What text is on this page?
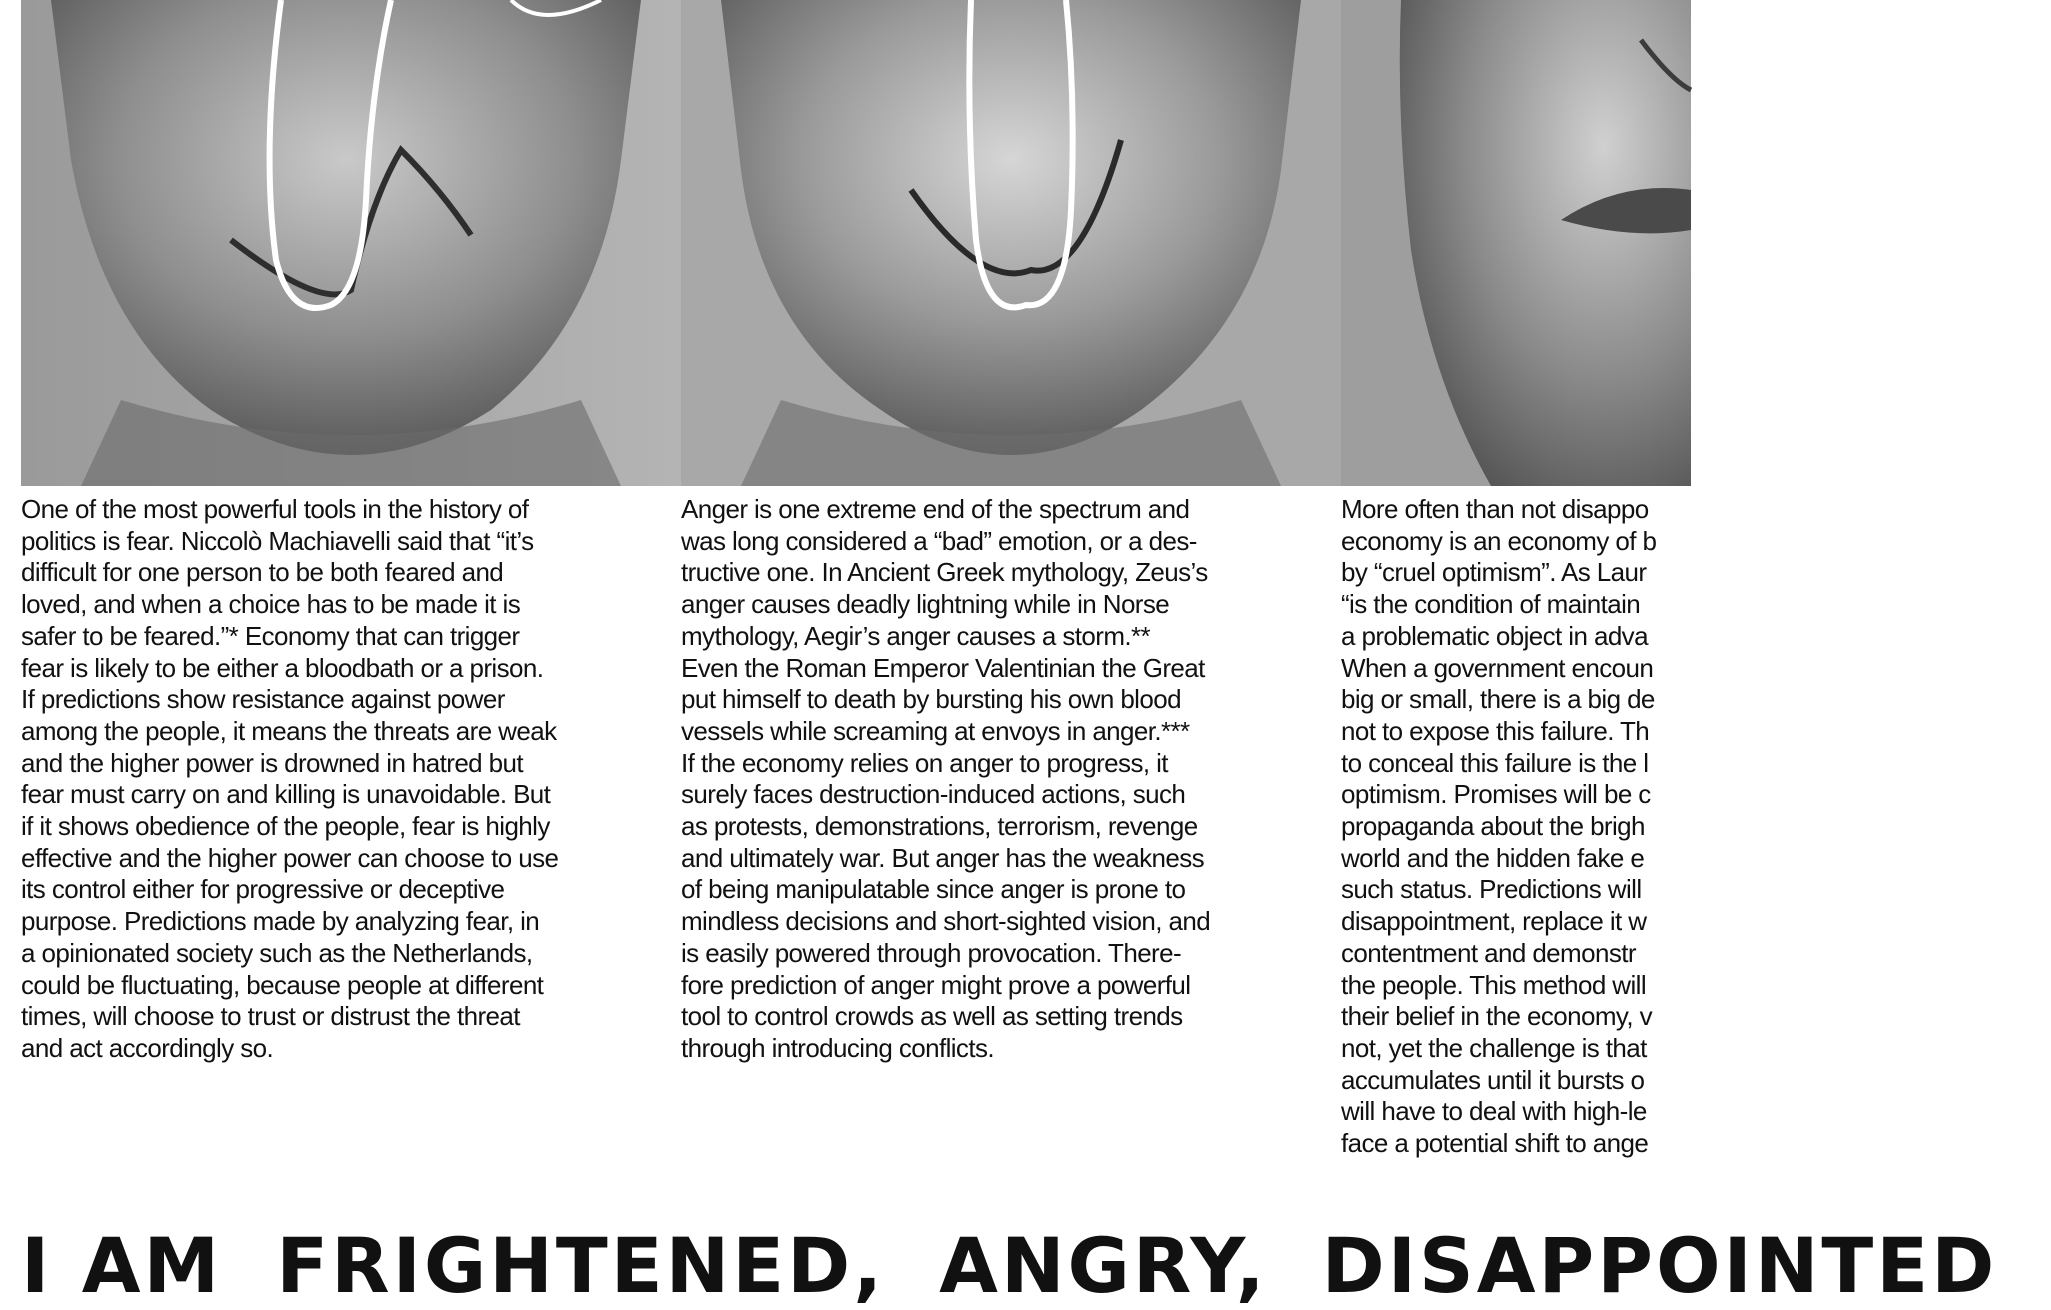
One of the most powerful tools in the history of
politics is fear. Niccolò Machiavelli said that “it’s
difficult for one person to be both feared and
loved, and when a choice has to be made it is
safer to be feared.”* Economy that can trigger
fear is likely to be either a bloodbath or a prison.
If predictions show resistance against power
among the people, it means the threats are weak
and the higher power is drowned in hatred but
fear must carry on and killing is unavoidable. But
if it shows obedience of the people, fear is highly
effective and the higher power can choose to use
its control either for progressive or deceptive
purpose. Predictions made by analyzing fear, in
a opinionated society such as the Netherlands,
could be fluctuating, because people at different
times, will choose to trust or distrust the threat
and act accordingly so.
Anger is one extreme end of the spectrum and
was long considered a “bad” emotion, or a des-
tructive one. In Ancient Greek mythology, Zeus’s
anger causes deadly lightning while in Norse
mythology, Aegir’s anger causes a storm.**
Even the Roman Emperor Valentinian the Great
put himself to death by bursting his own blood
vessels while screaming at envoys in anger.***
If the economy relies on anger to progress, it
surely faces destruction-induced actions, such
as protests, demonstrations, terrorism, revenge
and ultimately war. But anger has the weakness
of being manipulatable since anger is prone to
mindless decisions and short-sighted vision, and
is easily powered through provocation. There-
fore prediction of anger might prove a powerful
tool to control crowds as well as setting trends
through introducing conflicts.
More often than not disappo
economy is an economy of b
by “cruel optimism”. As Laur
“is the condition of maintain
a problematic object in adva
When a government encoun
big or small, there is a big de
not to expose this failure. Th
to conceal this failure is the l
optimism. Promises will be c
propaganda about the brigh
world and the hidden fake e
such status. Predictions will
disappointment, replace it w
contentment and demonstr
the people. This method will
their belief in the economy, v
not, yet the challenge is that
accumulates until it bursts o
will have to deal with high-le
face a potential shift to ange
I AM FRIGHTENED, ANGRY, DISAPPOINTED
